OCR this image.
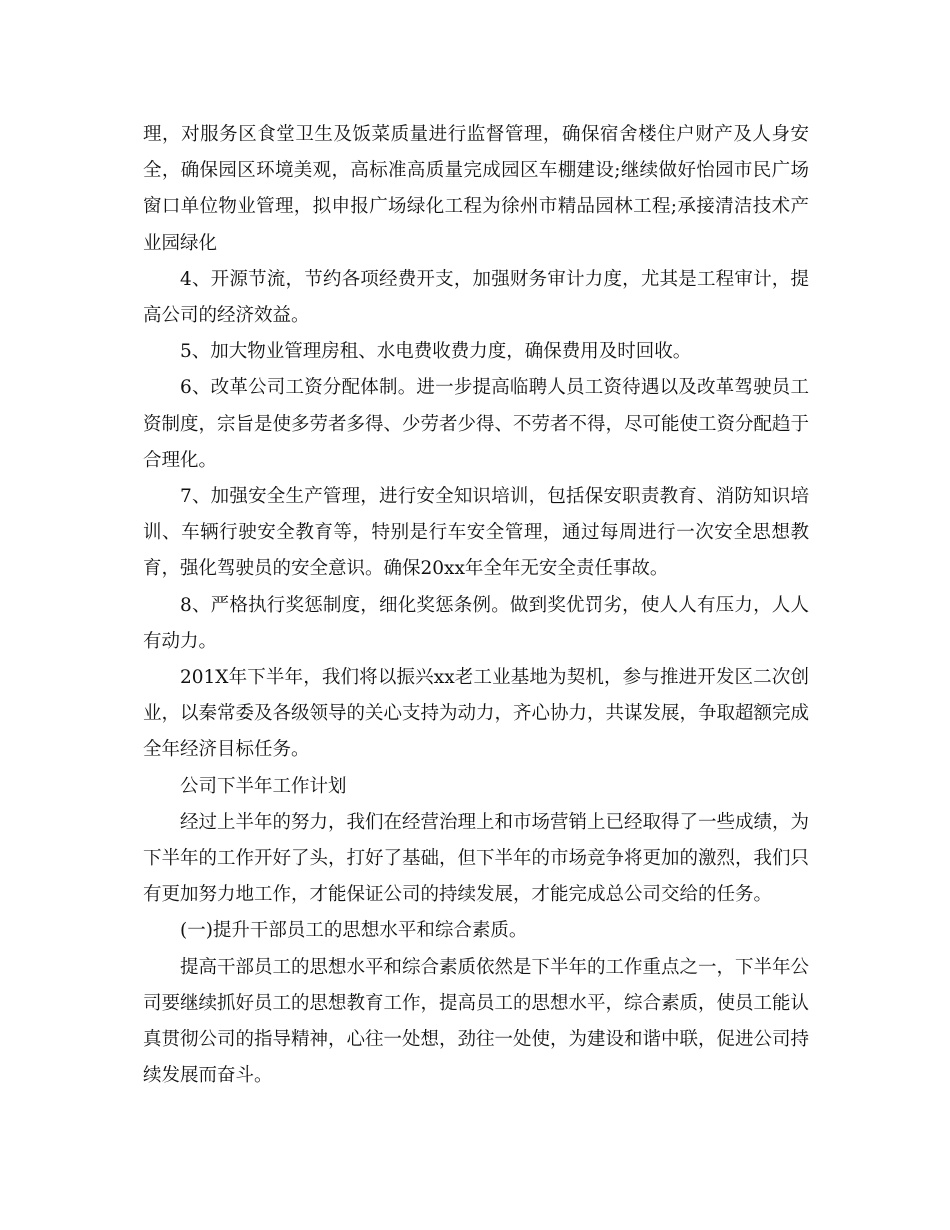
理，对服务区食堂卫生及饭菜质量进行监督管理，确保宿舍楼住户财产及人身安全，确保园区环境美观，高标准高质量完成园区车棚建设;继续做好怡园市民广场窗口单位物业管理，拟申报广场绿化工程为徐州市精品园林工程;承接清洁技术产业园绿化

4、开源节流，节约各项经费开支，加强财务审计力度，尤其是工程审计，提高公司的经济效益。

5、加大物业管理房租、水电费收费力度，确保费用及时回收。

6、改革公司工资分配体制。进一步提高临聘人员工资待遇以及改革驾驶员工资制度，宗旨是使多劳者多得、少劳者少得、不劳者不得，尽可能使工资分配趋于合理化。

7、加强安全生产管理，进行安全知识培训，包括保安职责教育、消防知识培训、车辆行驶安全教育等，特别是行车安全管理，通过每周进行一次安全思想教育，强化驾驶员的安全意识。确保20xx年全年无安全责任事故。

8、严格执行奖惩制度，细化奖惩条例。做到奖优罚劣，使人人有压力，人人有动力。

201X年下半年，我们将以振兴xx老工业基地为契机，参与推进开发区二次创业，以秦常委及各级领导的关心支持为动力，齐心协力，共谋发展，争取超额完成全年经济目标任务。

公司下半年工作计划

经过上半年的努力，我们在经营治理上和市场营销上已经取得了一些成绩，为下半年的工作开好了头，打好了基础，但下半年的市场竞争将更加的激烈，我们只有更加努力地工作，才能保证公司的持续发展，才能完成总公司交给的任务。

(一)提升干部员工的思想水平和综合素质。

提高干部员工的思想水平和综合素质依然是下半年的工作重点之一，下半年公司要继续抓好员工的思想教育工作，提高员工的思想水平，综合素质，使员工能认真贯彻公司的指导精神，心往一处想，劲往一处使，为建设和谐中联，促进公司持续发展而奋斗。
